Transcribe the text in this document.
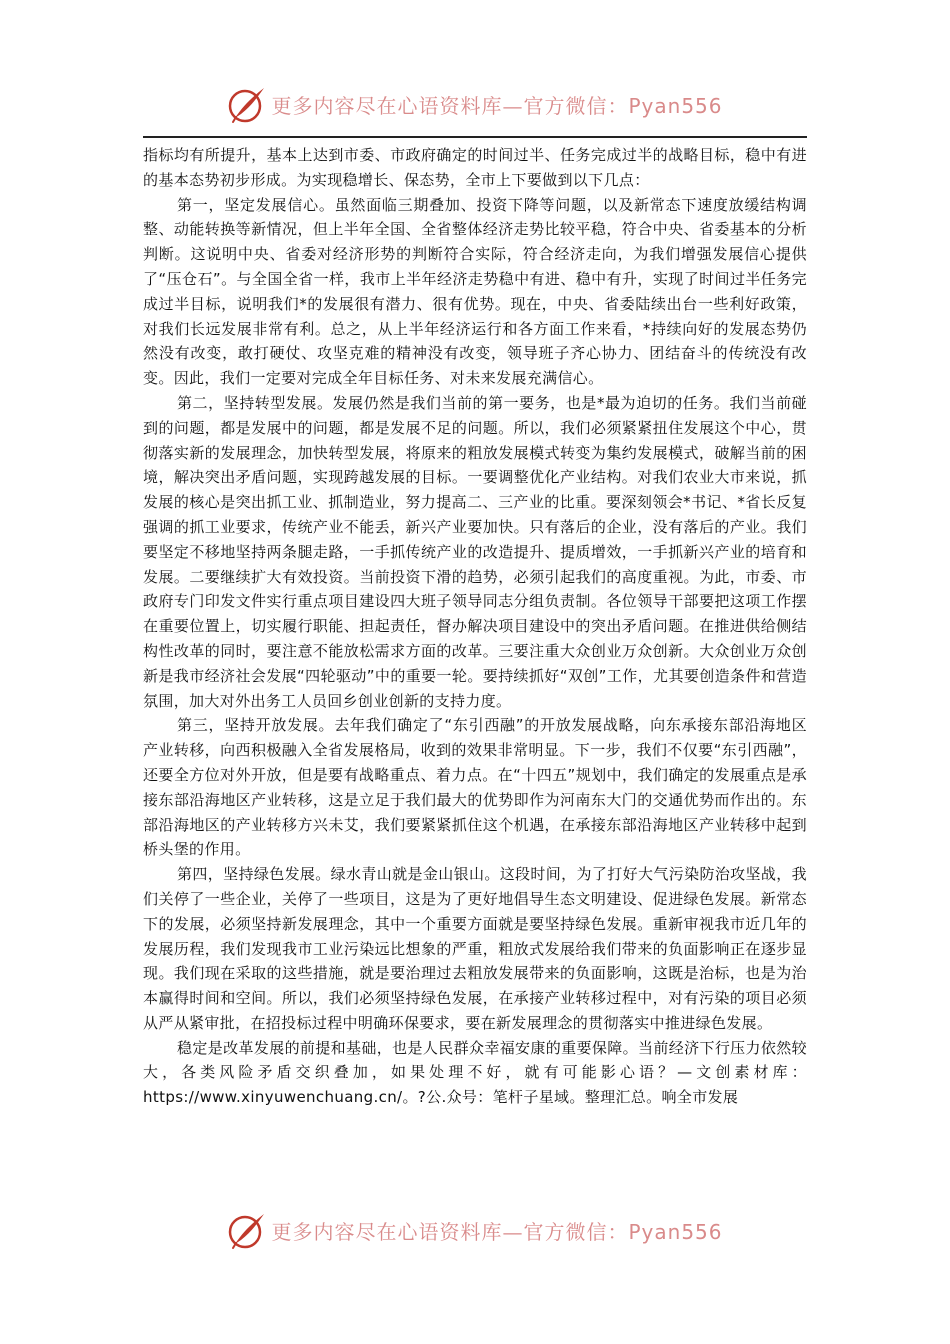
更多内容尽在心语资料库—官方微信：Pyan556

指标均有所提升，基本上达到市委、市政府确定的时间过半、任务完成过半的战略目标，稳中有进的基本态势初步形成。为实现稳增长、保态势，全市上下要做到以下几点：

第一，坚定发展信心。虽然面临三期叠加、投资下降等问题，以及新常态下速度放缓结构调整、动能转换等新情况，但上半年全国、全省整体经济走势比较平稳，符合中央、省委基本的分析判断。这说明中央、省委对经济形势的判断符合实际，符合经济走向，为我们增强发展信心提供了“压仓石”。与全国全省一样，我市上半年经济走势稳中有进、稳中有升，实现了时间过半任务完成过半目标，说明我们*的发展很有潜力、很有优势。现在，中央、省委陆续出台一些利好政策，对我们长远发展非常有利。总之，从上半年经济运行和各方面工作来看，*持续向好的发展态势仍然没有改变，敢打硬仗、攻坚克难的精神没有改变，领导班子齐心协力、团结奋斗的传统没有改变。因此，我们一定要对完成全年目标任务、对未来发展充满信心。

第二，坚持转型发展。发展仍然是我们当前的第一要务，也是*最为迫切的任务。我们当前碰到的问题，都是发展中的问题，都是发展不足的问题。所以，我们必须紧紧扭住发展这个中心，贯彻落实新的发展理念，加快转型发展，将原来的粗放发展模式转变为集约发展模式，破解当前的困境，解决突出矛盾问题，实现跨越发展的目标。一要调整优化产业结构。对我们农业大市来说，抓发展的核心是突出抓工业、抓制造业，努力提高二、三产业的比重。要深刻领会*书记、*省长反复强调的抓工业要求，传统产业不能丢，新兴产业要加快。只有落后的企业，没有落后的产业。我们要坚定不移地坚持两条腿走路，一手抓传统产业的改造提升、提质增效，一手抓新兴产业的培育和发展。二要继续扩大有效投资。当前投资下滑的趋势，必须引起我们的高度重视。为此，市委、市政府专门印发文件实行重点项目建设四大班子领导同志分组负责制。各位领导干部要把这项工作摆在重要位置上，切实履行职能、担起责任，督办解决项目建设中的突出矛盾问题。在推进供给侧结构性改革的同时，要注意不能放松需求方面的改革。三要注重大众创业万众创新。大众创业万众创新是我市经济社会发展“四轮驱动”中的重要一轮。要持续抓好“双创”工作，尤其要创造条件和营造氛围，加大对外出务工人员回乡创业创新的支持力度。

第三，坚持开放发展。去年我们确定了“东引西融”的开放发展战略，向东承接东部沿海地区产业转移，向西积极融入全省发展格局，收到的效果非常明显。下一步，我们不仅要“东引西融”，还要全方位对外开放，但是要有战略重点、着力点。在“十四五”规划中，我们确定的发展重点是承接东部沿海地区产业转移，这是立足于我们最大的优势即作为河南东大门的交通优势而作出的。东部沿海地区的产业转移方兴未艾，我们要紧紧抓住这个机遇，在承接东部沿海地区产业转移中起到桥头堡的作用。

第四，坚持绿色发展。绿水青山就是金山银山。这段时间，为了打好大气污染防治攻坚战，我们关停了一些企业，关停了一些项目，这是为了更好地倡导生态文明建设、促进绿色发展。新常态下的发展，必须坚持新发展理念，其中一个重要方面就是要坚持绿色发展。重新审视我市近几年的发展历程，我们发现我市工业污染远比想象的严重，粗放式发展给我们带来的负面影响正在逐步显现。我们现在采取的这些措施，就是要治理过去粗放发展带来的负面影响，这既是治标，也是为治本赢得时间和空间。所以，我们必须坚持绿色发展，在承接产业转移过程中，对有污染的项目必须从严从紧审批，在招投标过程中明确环保要求，要在新发展理念的贯彻落实中推进绿色发展。

稳定是改革发展的前提和基础，也是人民群众幸福安康的重要保障。当前经济下行压力依然较大，各类风险矛盾交织叠加，如果处理不好，就有可能影心语？—文创素材库：https://www.xinyuwenchuang.cn/。?公.众号：笔杆子星域。整理汇总。响全市发展

更多内容尽在心语资料库—官方微信：Pyan556
